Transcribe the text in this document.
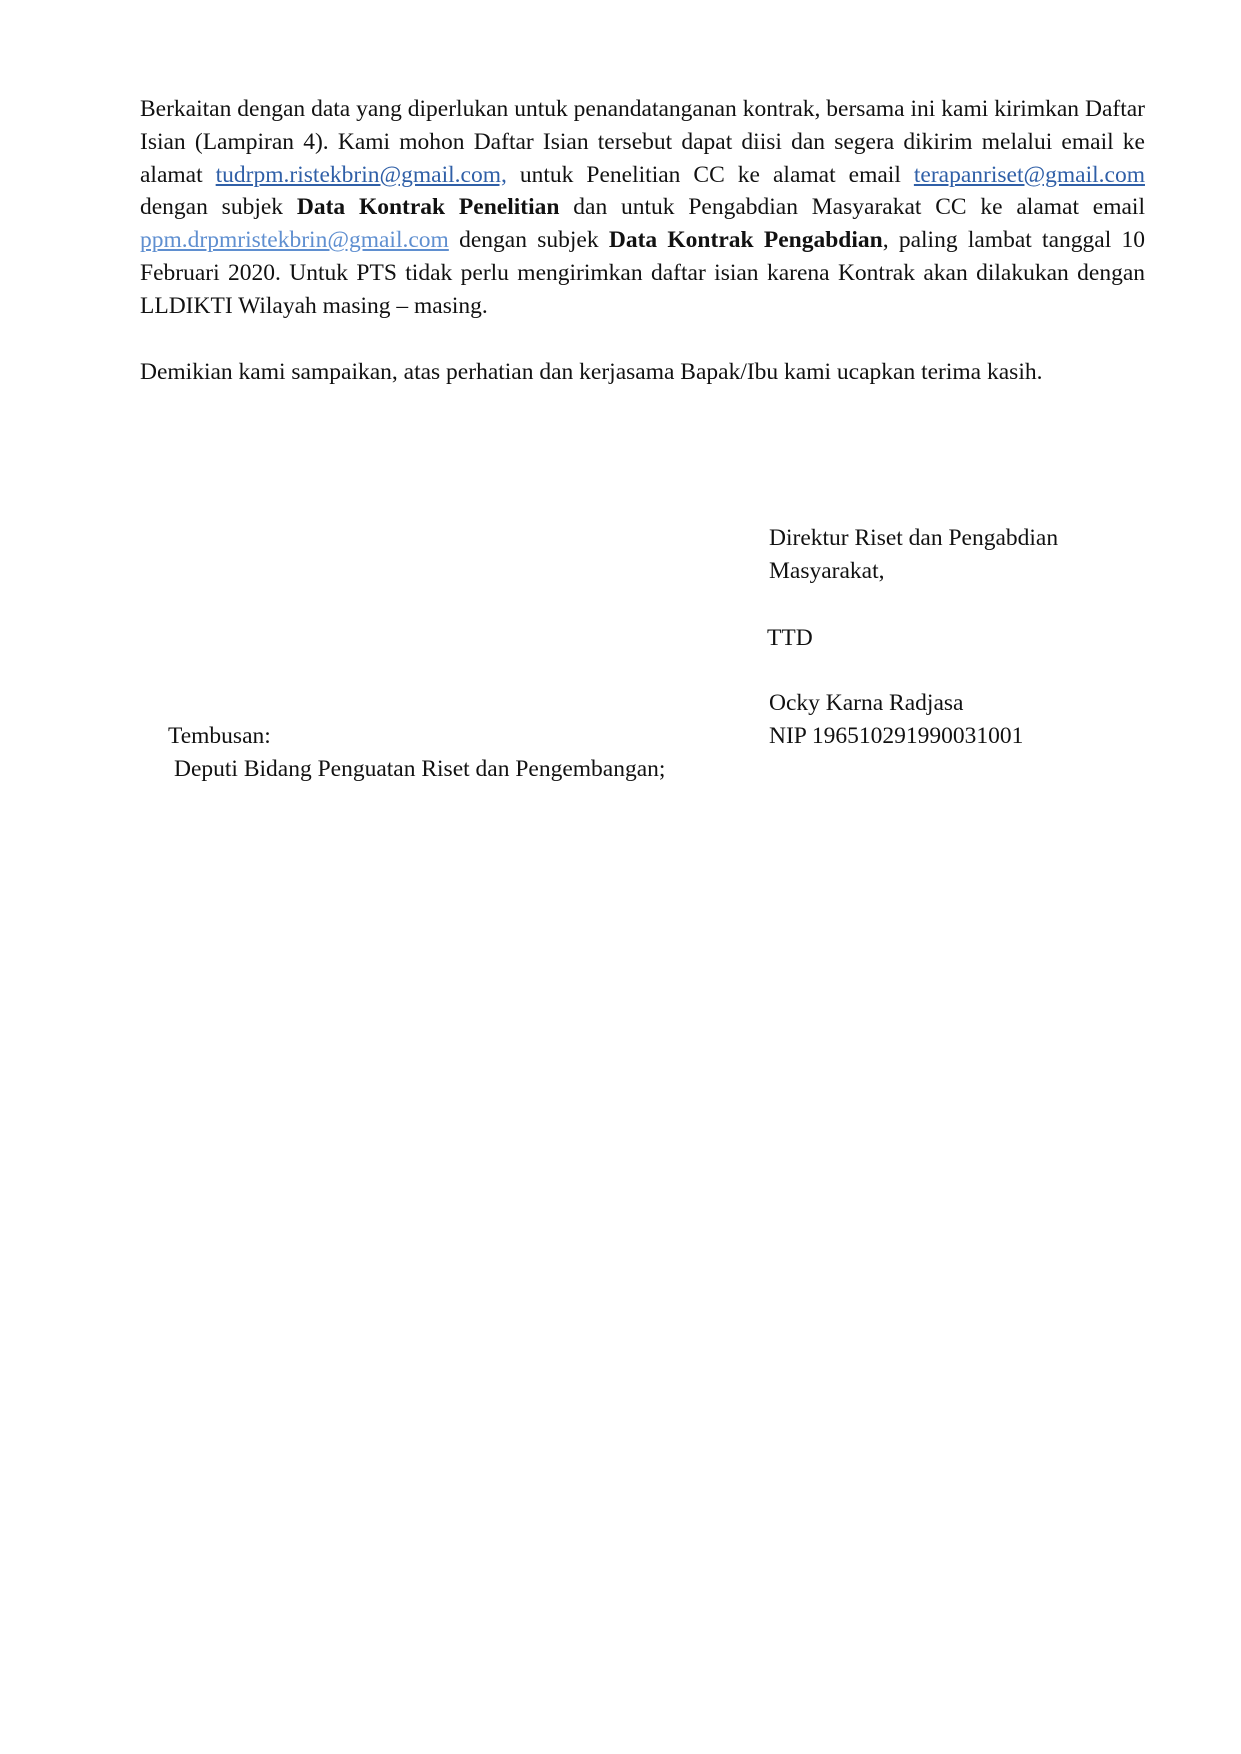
Berkaitan dengan data yang diperlukan untuk penandatanganan kontrak, bersama ini kami kirimkan Daftar Isian (Lampiran 4). Kami mohon Daftar Isian tersebut dapat diisi dan segera dikirim melalui email ke alamat tudrpm.ristekbrin@gmail.com, untuk Penelitian CC ke alamat email terapanriset@gmail.com dengan subjek Data Kontrak Penelitian dan untuk Pengabdian Masyarakat CC ke alamat email ppm.drpmristekbrin@gmail.com dengan subjek Data Kontrak Pengabdian, paling lambat tanggal 10 Februari 2020. Untuk PTS tidak perlu mengirimkan daftar isian karena Kontrak akan dilakukan dengan LLDIKTI Wilayah masing – masing.

Demikian kami sampaikan, atas perhatian dan kerjasama Bapak/Ibu kami ucapkan terima kasih.

Direktur Riset dan Pengabdian
Masyarakat,

TTD

Ocky Karna Radjasa

NIP 196510291990031001

Tembusan:

Deputi Bidang Penguatan Riset dan Pengembangan;
